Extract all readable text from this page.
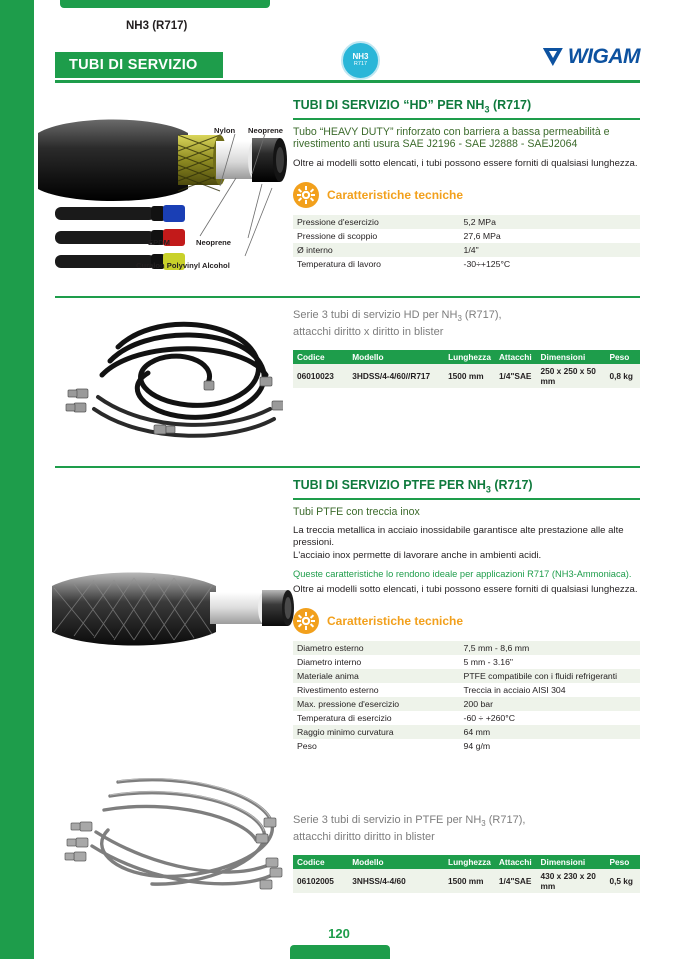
NH3 (R717)
TUBI DI SERVIZIO
NH3
R717	WIGAM
Nylon Neoprene
EPDM	Neoprene
Curalon Polyvinyl Alcohol
TUBI DI SERVIZIO “HD” PER $NH_3$ (R717)
Tubo “HEAVY DUTY” rinforzato con barriera a bassa permeabilità e rivestimento anti usura SAE J2196 - SAE J2888 - SAEJ2064
Oltre ai modelli sotto elencati, i tubi possono essere forniti di qualsiasi lunghezza.
Caratteristiche tecniche
Pressione d'esercizio	5,2 MPa
Pressione di scoppio	27,6 MPa
Ø interno	1/4"
Temperatura di lavoro	-30÷+125°C
Serie 3 tubi di servizio HD per $NH_3$ (R717),
attacchi diritto x diritto in blister
Codice	Modello	Lunghezza	Attacchi	Dimensioni	Peso
06010023	3HDSS/4-4/60//R717	1500 mm	1/4"SAE	250 x 250 x 50 mm	0,8 kg
TUBI DI SERVIZIO PTFE PER $NH_3$ (R717)
Tubi PTFE con treccia inox
La treccia metallica in acciaio inossidabile garantisce alte prestazione alle alte pressioni.
L'acciaio inox permette di lavorare anche in ambienti acidi.
Queste caratteristiche lo rendono ideale per applicazioni R717 (NH3-Ammoniaca).
Oltre ai modelli sotto elencati, i tubi possono essere forniti di qualsiasi lunghezza.
Caratteristiche tecniche
Diametro esterno	7,5 mm - 8,6 mm
Diametro interno	5 mm - 3.16"
Materiale anima	PTFE compatibile con i fluidi refrigeranti
Rivestimento esterno	Treccia in acciaio AISI 304
Max. pressione d'esercizio	200 bar
Temperatura di esercizio	-60 ÷ +260°C
Raggio minimo curvatura	64 mm
Peso	94 g/m
Serie 3 tubi di servizio in PTFE per $NH_3$ (R717),
attacchi diritto diritto in blister
Codice	Modello	Lunghezza	Attacchi	Dimensioni	Peso
06102005	3NHSS/4-4/60	1500 mm	1/4"SAE	430 x 230 x 20 mm	0,5 kg
120
